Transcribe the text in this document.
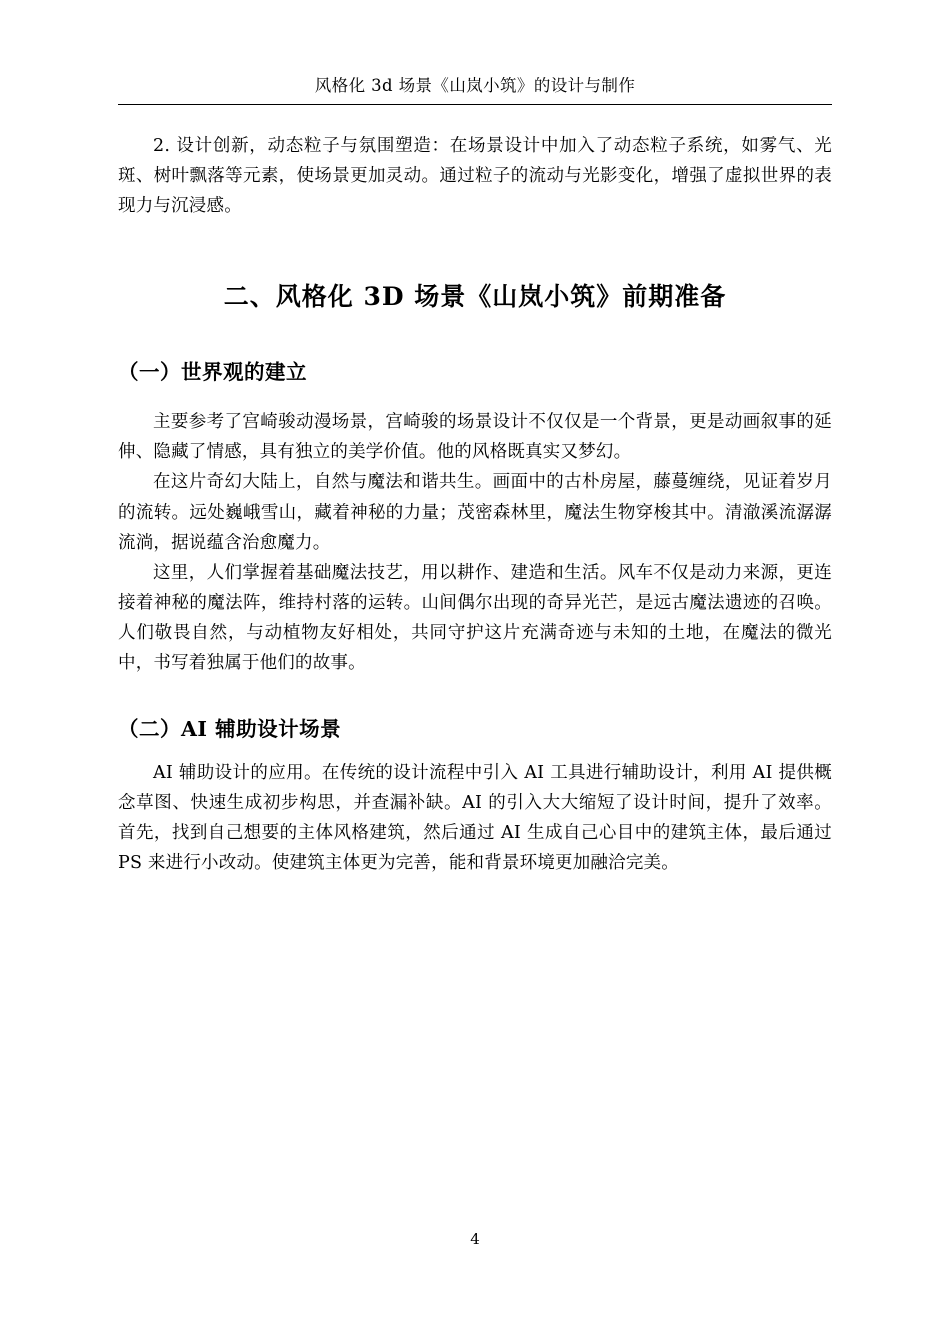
风格化 3d 场景《山岚小筑》的设计与制作

2. 设计创新，动态粒子与氛围塑造：在场景设计中加入了动态粒子系统，如雾气、光斑、树叶飘落等元素，使场景更加灵动。通过粒子的流动与光影变化，增强了虚拟世界的表现力与沉浸感。

二、风格化 3D 场景《山岚小筑》前期准备
（一）世界观的建立

主要参考了宫崎骏动漫场景，宫崎骏的场景设计不仅仅是一个背景，更是动画叙事的延伸、隐藏了情感，具有独立的美学价值。他的风格既真实又梦幻。

在这片奇幻大陆上，自然与魔法和谐共生。画面中的古朴房屋，藤蔓缠绕，见证着岁月的流转。远处巍峨雪山，藏着神秘的力量；茂密森林里，魔法生物穿梭其中。清澈溪流潺潺流淌，据说蕴含治愈魔力。

这里，人们掌握着基础魔法技艺，用以耕作、建造和生活。风车不仅是动力来源，更连接着神秘的魔法阵，维持村落的运转。山间偶尔出现的奇异光芒，是远古魔法遗迹的召唤。人们敬畏自然，与动植物友好相处，共同守护这片充满奇迹与未知的土地，在魔法的微光中，书写着独属于他们的故事。

（二）AI 辅助设计场景

AI 辅助设计的应用。在传统的设计流程中引入 AI 工具进行辅助设计，利用 AI 提供概念草图、快速生成初步构思，并查漏补缺。AI 的引入大大缩短了设计时间，提升了效率。首先，找到自己想要的主体风格建筑，然后通过 AI 生成自己心目中的建筑主体，最后通过 PS 来进行小改动。使建筑主体更为完善，能和背景环境更加融洽完美。

4
